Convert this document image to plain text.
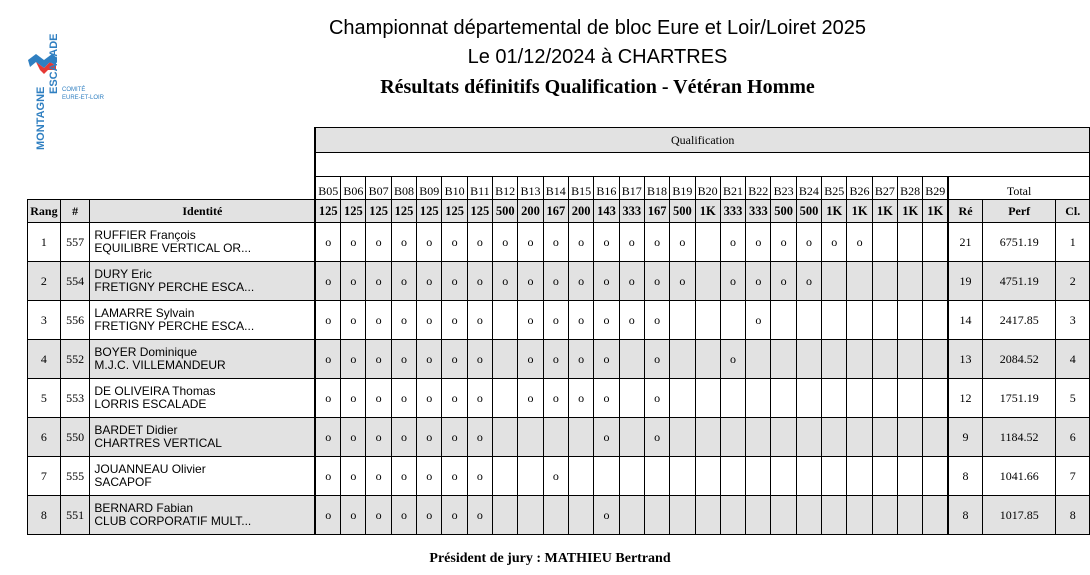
MONTAGNE
ESCALADE COMITÉ
EURE-ET-LOIR
Championnat départemental de bloc Eure et Loir/Loiret 2025
Le 01/12/2024 à CHARTRES
Résultats définitifs Qualification - Vétéran Homme
			Qualification																											

			B05	B06	B07	B08	B09	B10	B11	B12	B13	B14	B15	B16	B17	B18	B19	B20	B21	B22	B23	B24	B25	B26	B27	B28	B29	Total		
Rang	#	Identité	125	125	125	125	125	125	125	500	200	167	200	143	333	167	500	1K	333	333	500	500	1K	1K	1K	1K	1K	Ré	Perf	Cl.
1	557	RUFFIER François
EQUILIBRE VERTICAL OR...	o	o	o	o	o	o	o	o	o	o	o	o	o	o	o		o	o	o	o	o	o				21	6751.19	1
2	554	DURY Eric
FRETIGNY PERCHE ESCA...	o	o	o	o	o	o	o	o	o	o	o	o	o	o	o		o	o	o	o						19	4751.19	2
3	556	LAMARRE Sylvain
FRETIGNY PERCHE ESCA...	o	o	o	o	o	o	o		o	o	o	o	o	o				o								14	2417.85	3
4	552	BOYER Dominique
M.J.C. VILLEMANDEUR	o	o	o	o	o	o	o		o	o	o	o		o			o									13	2084.52	4
5	553	DE OLIVEIRA Thomas
LORRIS ESCALADE	o	o	o	o	o	o	o		o	o	o	o		o												12	1751.19	5
6	550	BARDET Didier
CHARTRES VERTICAL	o	o	o	o	o	o	o					o		o												9	1184.52	6
7	555	JOUANNEAU Olivier
SACAPOF	o	o	o	o	o	o	o			o																8	1041.66	7
8	551	BERNARD Fabian
CLUB CORPORATIF MULT...	o	o	o	o	o	o	o					o														8	1017.85	8
Président de jury : MATHIEU Bertrand
